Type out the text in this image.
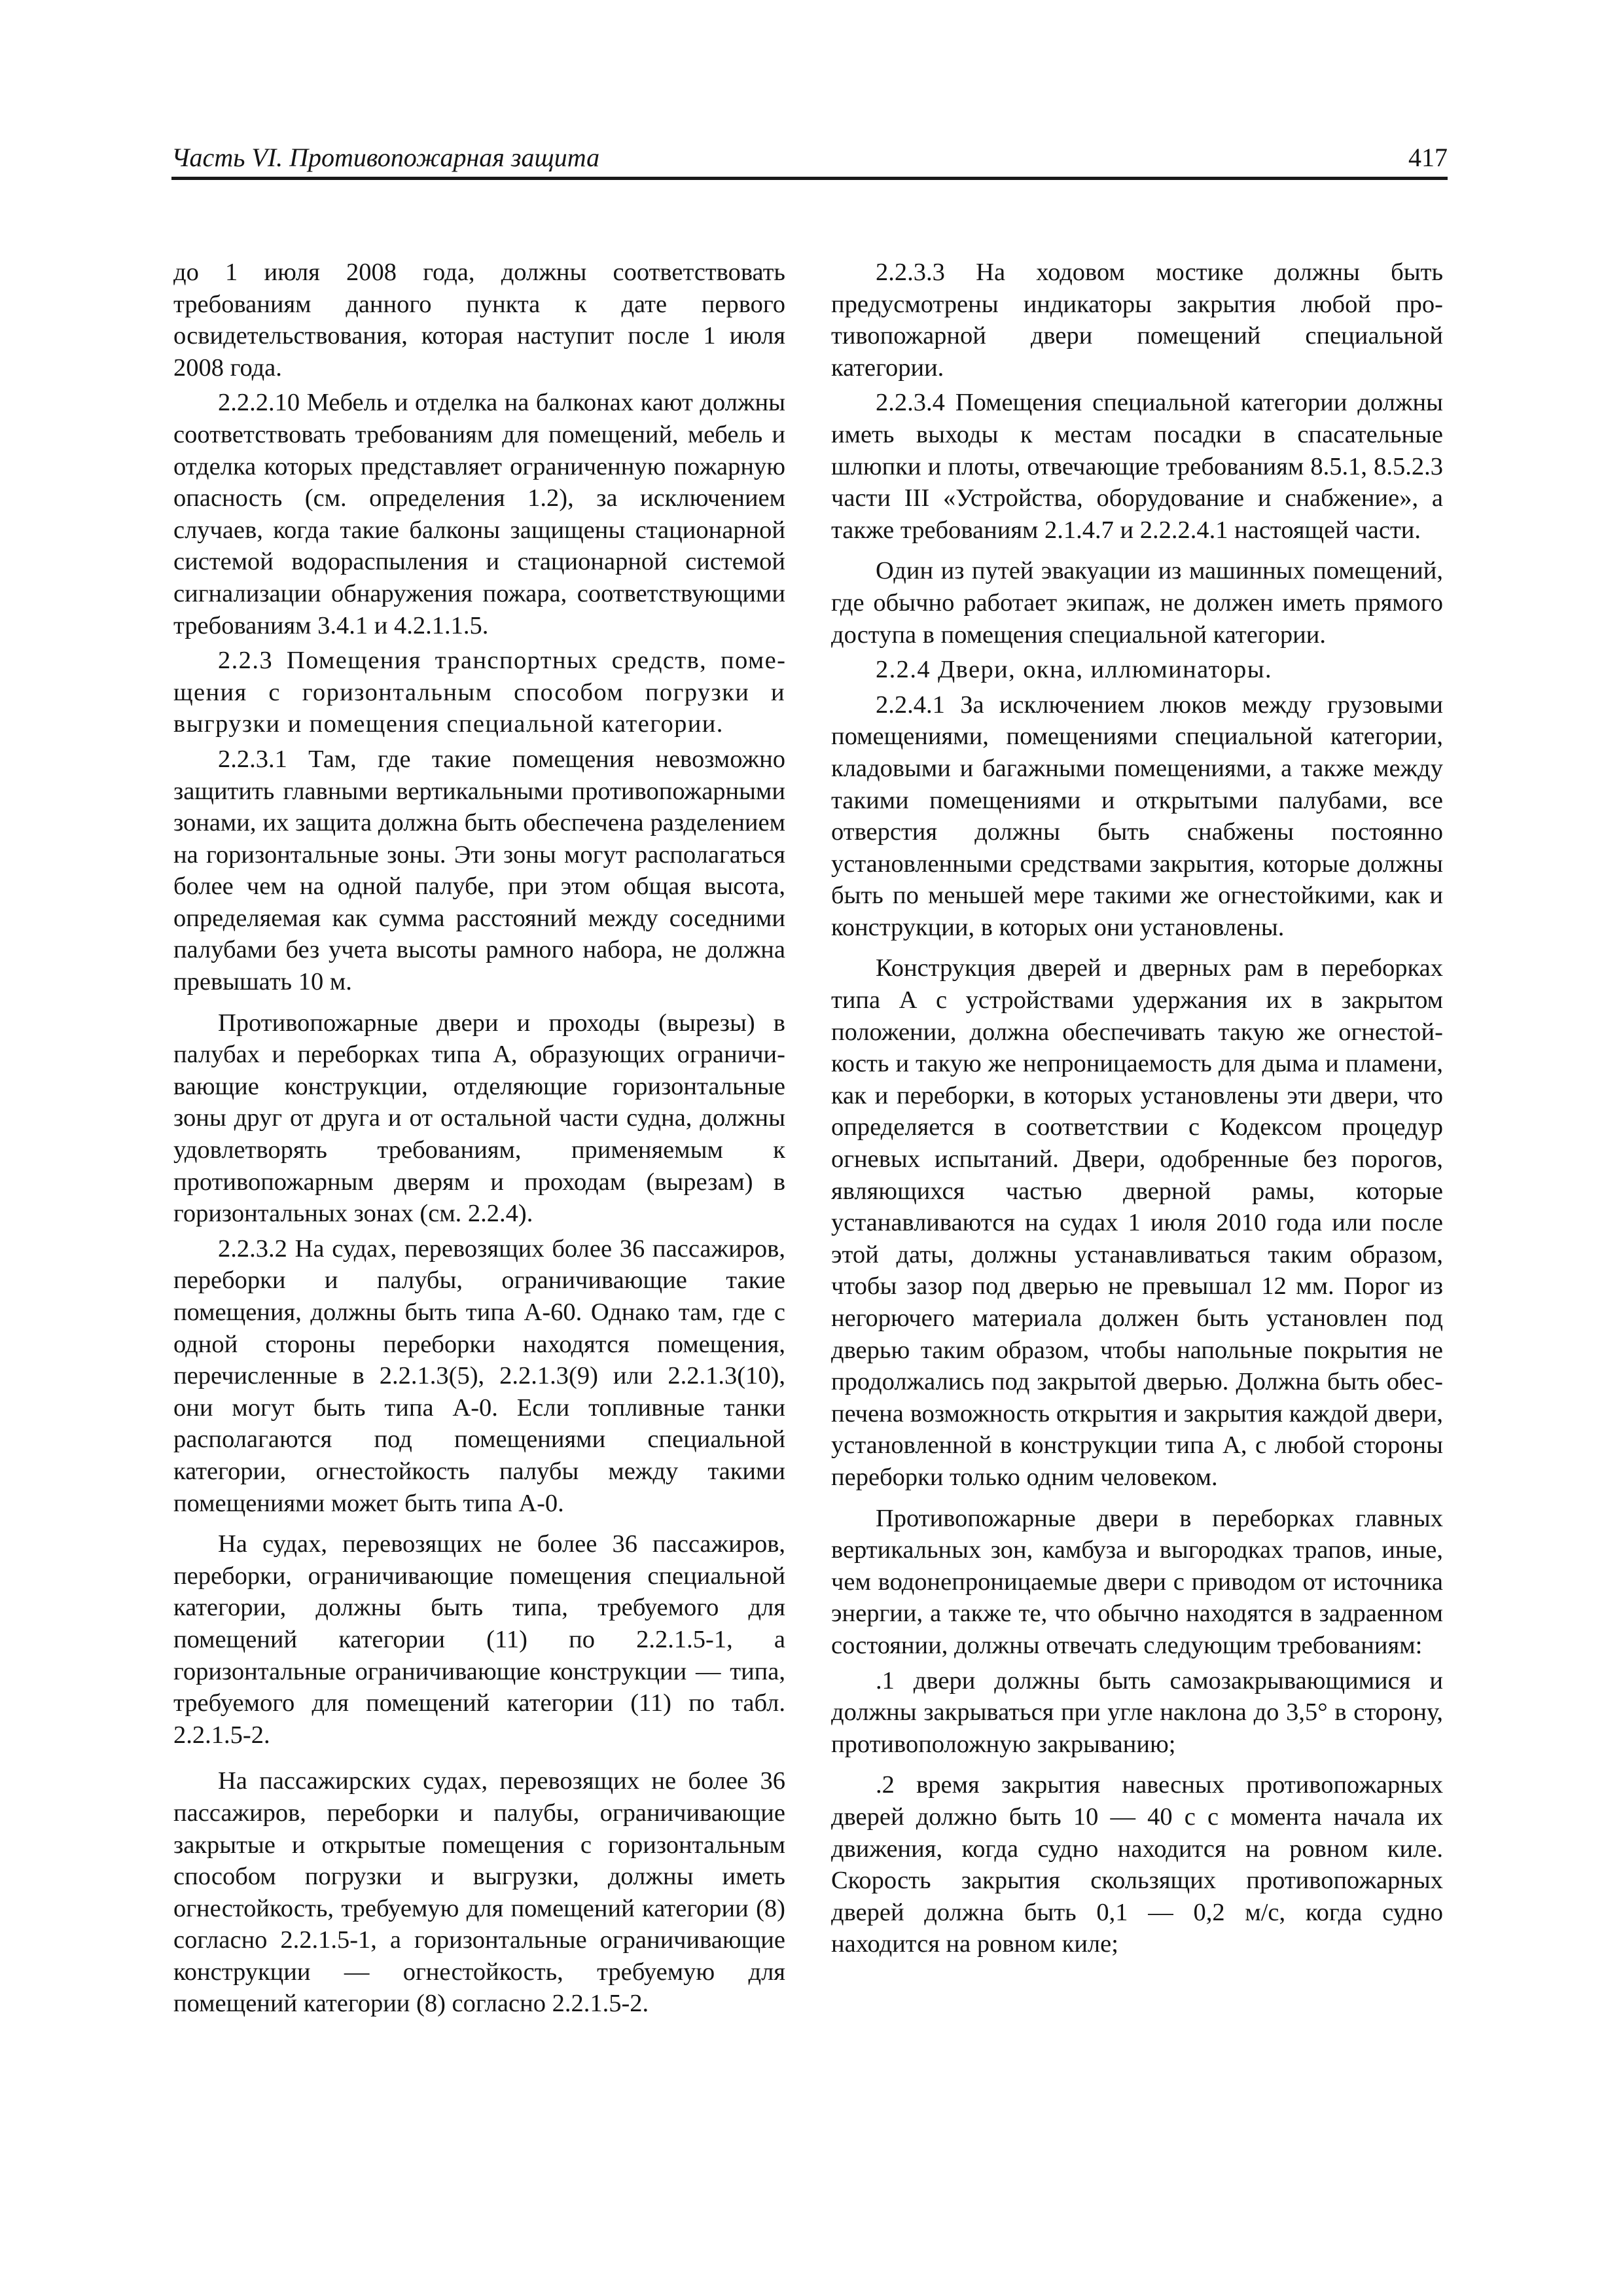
Часть VI. Противопожарная защита	417

до 1 июля 2008 года, должны соответствовать требованиям данного пункта к дате первого освидетельствования, которая наступит после 1 июля 2008 года.

2.2.2.10 Мебель и отделка на балконах кают должны соответствовать требованиям для помещений, мебель и отделка которых представляет ограниченную пожарную опасность (см. определения 1.2), за исключением случаев, когда такие балконы защищены стационарной системой водораспыления и стационарной системой сигнализации обнаружения пожара, соответствующими требованиям 3.4.1 и 4.2.1.1.5.

2.2.3 Помещения транспортных средств, помещения с горизонтальным способом погрузки и выгрузки и помещения специальной категории.

2.2.3.1 Там, где такие помещения невозможно защитить главными вертикальными противопожарными зонами, их защита должна быть обеспечена разделением на горизонтальные зоны. Эти зоны могут располагаться более чем на одной палубе, при этом общая высота, определяемая как сумма расстояний между соседними палубами без учета высоты рамного набора, не должна превышать 10 м.

Противопожарные двери и проходы (вырезы) в палубах и переборках типа А, образующих ограничивающие конструкции, отделяющие горизонтальные зоны друг от друга и от остальной части судна, должны удовлетворять требованиям, применяемым к противопожарным дверям и проходам (вырезам) в горизонтальных зонах (см. 2.2.4).

2.2.3.2 На судах, перевозящих более 36 пассажиров, переборки и палубы, ограничивающие такие помещения, должны быть типа А-60. Однако там, где с одной стороны переборки находятся помещения, перечисленные в 2.2.1.3(5), 2.2.1.3(9) или 2.2.1.3(10), они могут быть типа А-0. Если топливные танки располагаются под помещениями специальной категории, огнестойкость палубы между такими помещениями может быть типа А-0.

На судах, перевозящих не более 36 пассажиров, переборки, ограничивающие помещения специальной категории, должны быть типа, требуемого для помещений категории (11) по 2.2.1.5-1, а горизонтальные ограничивающие конструкции — типа, требуемого для помещений категории (11) по табл. 2.2.1.5-2.

На пассажирских судах, перевозящих не более 36 пассажиров, переборки и палубы, ограничивающие закрытые и открытые помещения с горизонтальным способом погрузки и выгрузки, должны иметь огнестойкость, требуемую для помещений категории (8) согласно 2.2.1.5-1, а горизонтальные ограничивающие конструкции — огнестойкость, требуемую для помещений категории (8) согласно 2.2.1.5-2.

2.2.3.3 На ходовом мостике должны быть предусмотрены индикаторы закрытия любой противопожарной двери помещений специальной категории.

2.2.3.4 Помещения специальной категории должны иметь выходы к местам посадки в спасательные шлюпки и плоты, отвечающие требованиям 8.5.1, 8.5.2.3 части III «Устройства, оборудование и снабжение», а также требованиям 2.1.4.7 и 2.2.2.4.1 настоящей части.

Один из путей эвакуации из машинных помещений, где обычно работает экипаж, не должен иметь прямого доступа в помещения специальной категории.

2.2.4 Двери, окна, иллюминаторы.

2.2.4.1 За исключением люков между грузовыми помещениями, помещениями специальной категории, кладовыми и багажными помещениями, а также между такими помещениями и открытыми палубами, все отверстия должны быть снабжены постоянно установленными средствами закрытия, которые должны быть по меньшей мере такими же огнестойкими, как и конструкции, в которых они установлены.

Конструкция дверей и дверных рам в переборках типа А с устройствами удержания их в закрытом положении, должна обеспечивать такую же огнестойкость и такую же непроницаемость для дыма и пламени, как и переборки, в которых установлены эти двери, что определяется в соответствии с Кодексом процедур огневых испытаний. Двери, одобренные без порогов, являющихся частью дверной рамы, которые устанавливаются на судах 1 июля 2010 года или после этой даты, должны устанавливаться таким образом, чтобы зазор под дверью не превышал 12 мм. Порог из негорючего материала должен быть установлен под дверью таким образом, чтобы напольные покрытия не продолжались под закрытой дверью. Должна быть обеспечена возможность открытия и закрытия каждой двери, установленной в конструкции типа А, с любой стороны переборки только одним человеком.

Противопожарные двери в переборках главных вертикальных зон, камбуза и выгородках трапов, иные, чем водонепроницаемые двери с приводом от источника энергии, а также те, что обычно находятся в задраенном состоянии, должны отвечать следующим требованиям:

.1 двери должны быть самозакрывающимися и должны закрываться при угле наклона до 3,5° в сторону, противоположную закрыванию;

.2 время закрытия навесных противопожарных дверей должно быть 10 — 40 с с момента начала их движения, когда судно находится на ровном киле. Скорость закрытия скользящих противопожарных дверей должна быть 0,1 — 0,2 м/с, когда судно находится на ровном киле;
